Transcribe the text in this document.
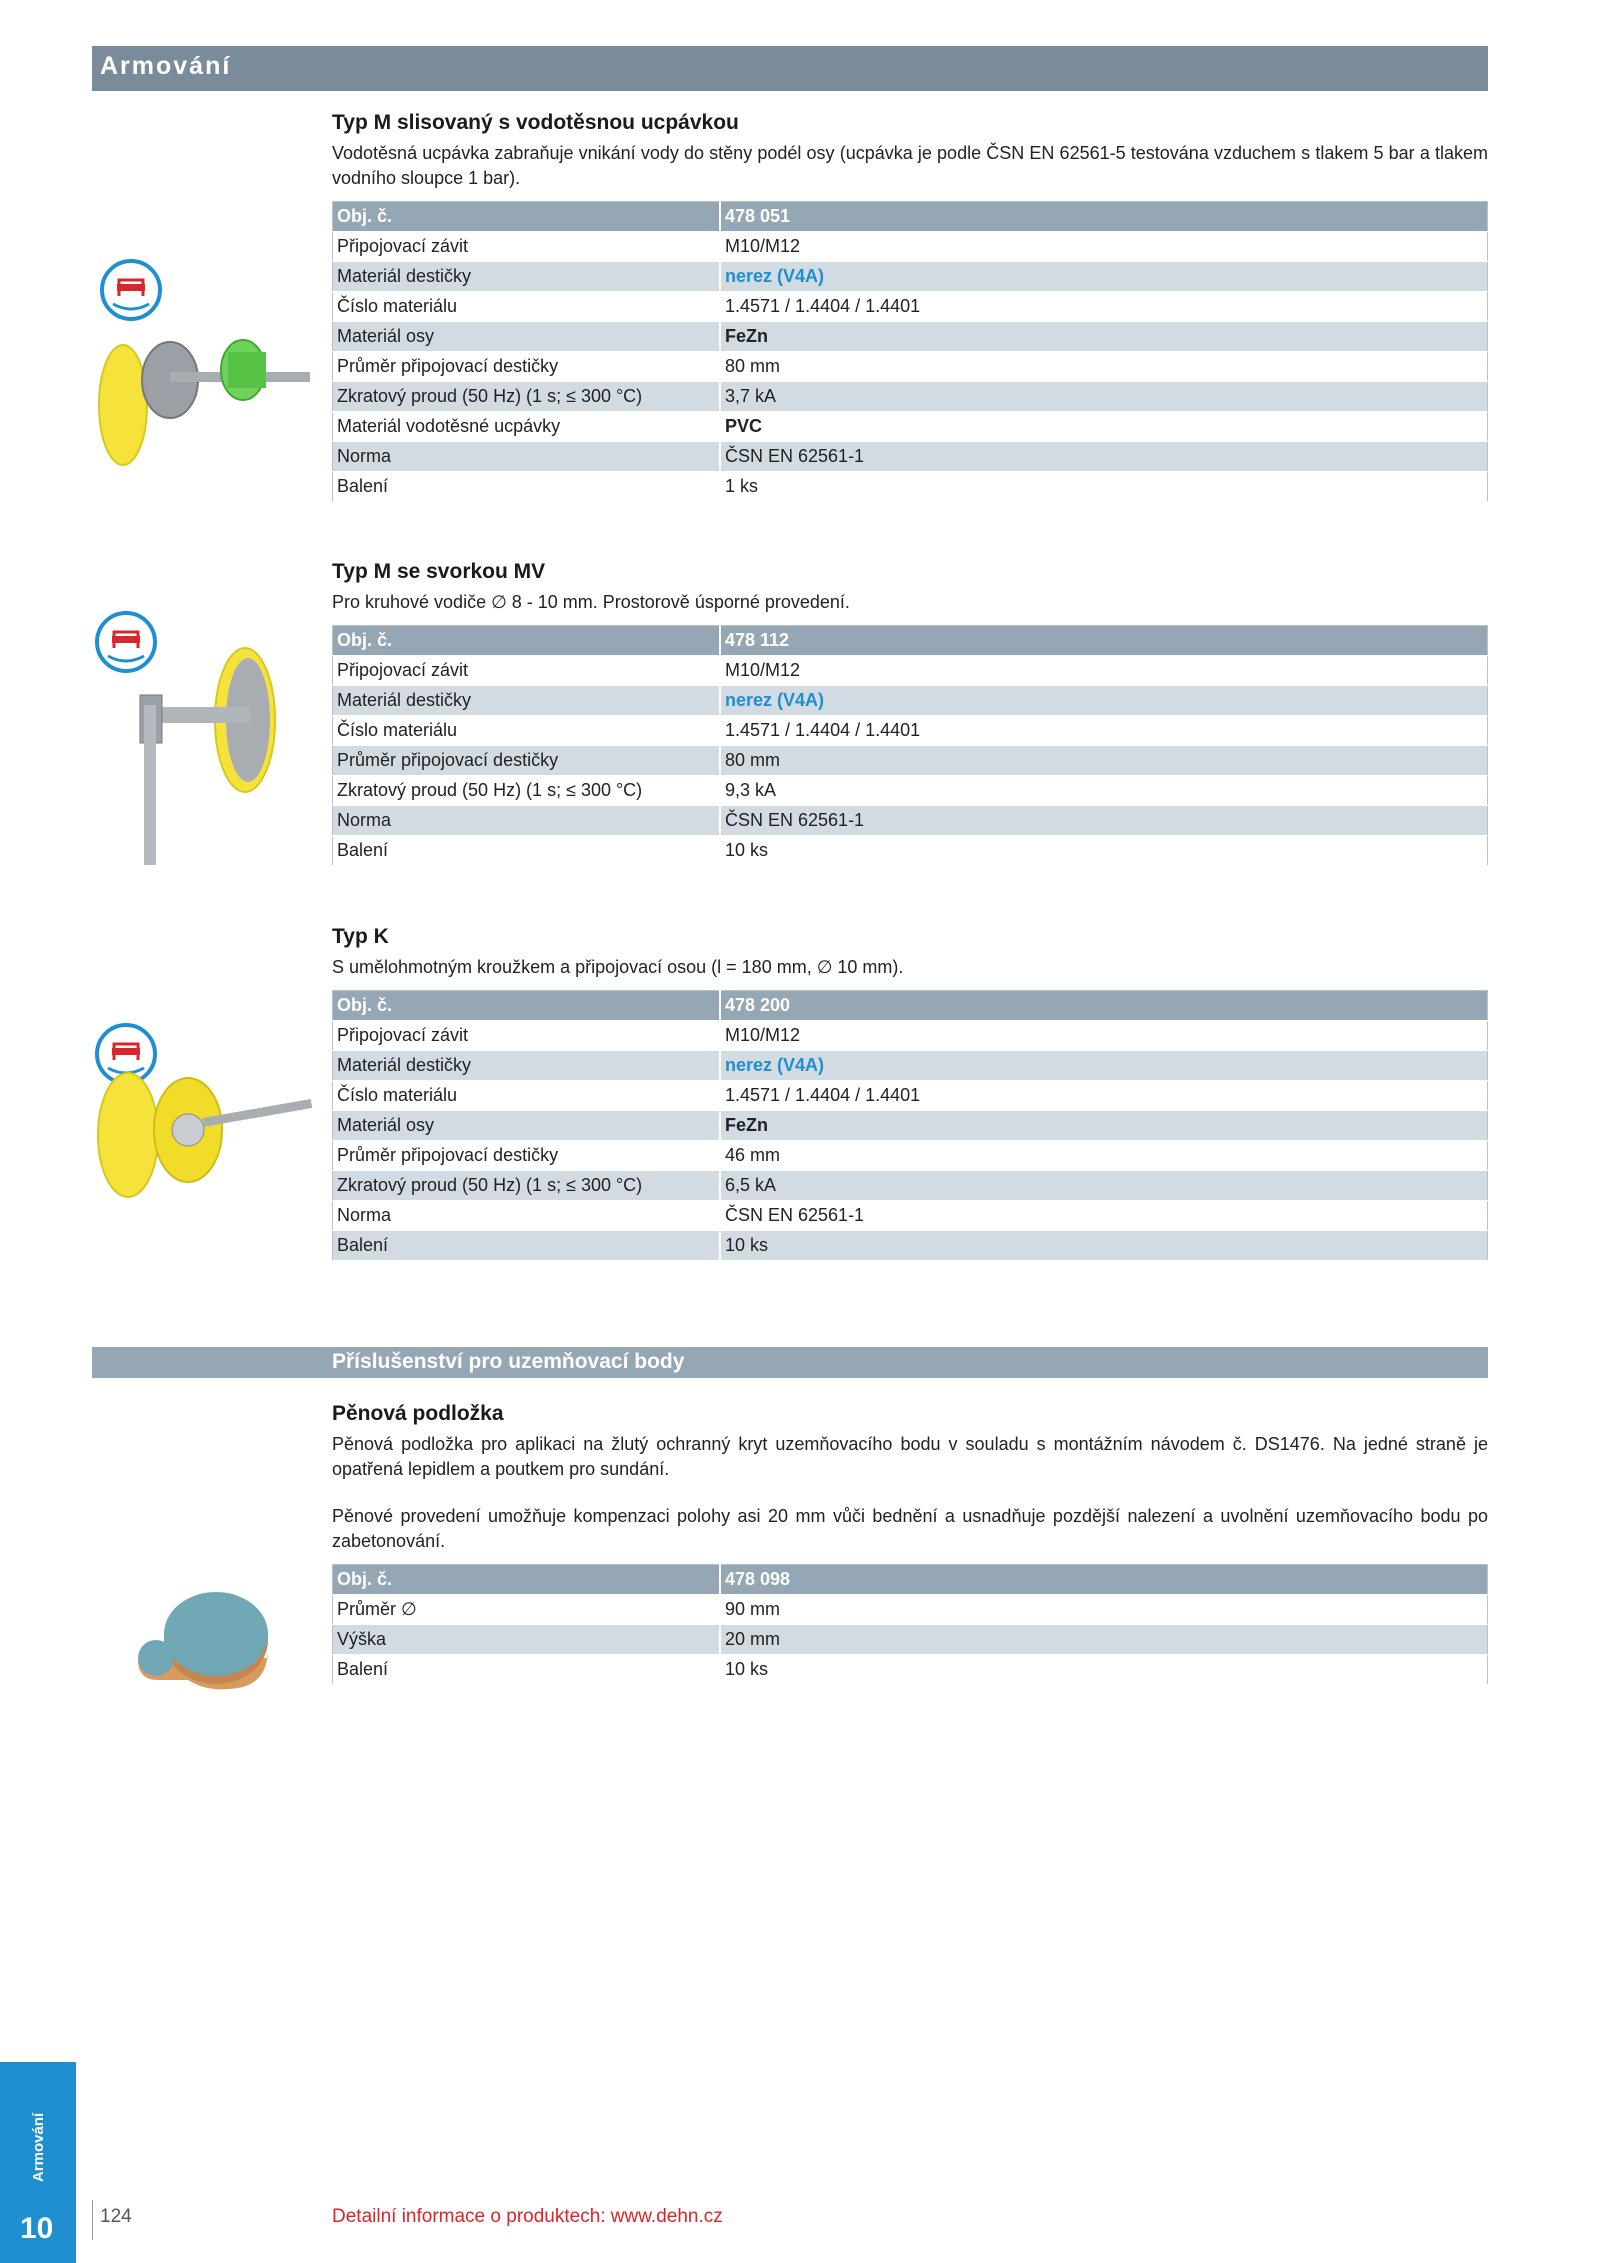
Armování

Typ M slisovaný s vodotěsnou ucpávkou

Vodotěsná ucpávka zabraňuje vnikání vody do stěny podél osy (ucpávka je podle ČSN EN 62561-5 testována vzduchem s tlakem 5 bar a tlakem vodního sloupce 1 bar).

Obj. č.	478 051
Připojovací závit	M10/M12
Materiál destičky	nerez (V4A)
Číslo materiálu	1.4571 / 1.4404 / 1.4401
Materiál osy	FeZn
Průměr připojovací destičky	80 mm
Zkratový proud (50 Hz) (1 s; ≤ 300 °C)	3,7 kA
Materiál vodotěsné ucpávky	PVC
Norma	ČSN EN 62561-1
Balení	1 ks

Typ M se svorkou MV

Pro kruhové vodiče ∅ 8 - 10 mm. Prostorově úsporné provedení.

Obj. č.	478 112
Připojovací závit	M10/M12
Materiál destičky	nerez (V4A)
Číslo materiálu	1.4571 / 1.4404 / 1.4401
Průměr připojovací destičky	80 mm
Zkratový proud (50 Hz) (1 s; ≤ 300 °C)	9,3 kA
Norma	ČSN EN 62561-1
Balení	10 ks

Typ K

S umělohmotným kroužkem a připojovací osou (l = 180 mm, ∅ 10 mm).

Obj. č.	478 200
Připojovací závit	M10/M12
Materiál destičky	nerez (V4A)
Číslo materiálu	1.4571 / 1.4404 / 1.4401
Materiál osy	FeZn
Průměr připojovací destičky	46 mm
Zkratový proud (50 Hz) (1 s; ≤ 300 °C)	6,5 kA
Norma	ČSN EN 62561-1
Balení	10 ks
Příslušenství pro uzemňovací body

Pěnová podložka

Pěnová podložka pro aplikaci na žlutý ochranný kryt uzemňovacího bodu v souladu s montážním návodem č. DS1476. Na jedné straně je opatřená lepidlem a poutkem pro sundání.

Pěnové provedení umožňuje kompenzaci polohy asi 20 mm vůči bednění a usnadňuje pozdější nalezení a uvolnění uzemňovacího bodu po zabetonování.

Obj. č.	478 098
Průměr ∅	90 mm
Výška	20 mm
Balení	10 ks
Armování
10 124	Detailní informace o produktech: www.dehn.cz
